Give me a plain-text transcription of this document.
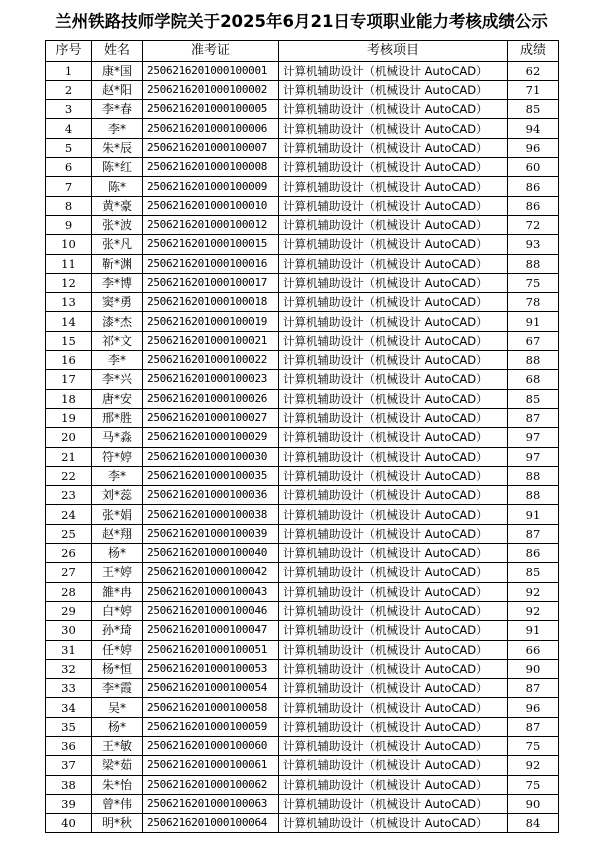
兰州铁路技师学院关于2025年6月21日专项职业能力考核成绩公示
序号	姓名	准考证	考核项目	成绩
1	康*国	2506216201000100001	计算机辅助设计（机械设计 AutoCAD）	62
2	赵*阳	2506216201000100002	计算机辅助设计（机械设计 AutoCAD）	71
3	李*春	2506216201000100005	计算机辅助设计（机械设计 AutoCAD）	85
4	李*	2506216201000100006	计算机辅助设计（机械设计 AutoCAD）	94
5	朱*辰	2506216201000100007	计算机辅助设计（机械设计 AutoCAD）	96
6	陈*红	2506216201000100008	计算机辅助设计（机械设计 AutoCAD）	60
7	陈*	2506216201000100009	计算机辅助设计（机械设计 AutoCAD）	86
8	黄*豪	2506216201000100010	计算机辅助设计（机械设计 AutoCAD）	86
9	张*波	2506216201000100012	计算机辅助设计（机械设计 AutoCAD）	72
10	张*凡	2506216201000100015	计算机辅助设计（机械设计 AutoCAD）	93
11	靳*渊	2506216201000100016	计算机辅助设计（机械设计 AutoCAD）	88
12	李*博	2506216201000100017	计算机辅助设计（机械设计 AutoCAD）	75
13	窦*勇	2506216201000100018	计算机辅助设计（机械设计 AutoCAD）	78
14	漆*杰	2506216201000100019	计算机辅助设计（机械设计 AutoCAD）	91
15	祁*文	2506216201000100021	计算机辅助设计（机械设计 AutoCAD）	67
16	李*	2506216201000100022	计算机辅助设计（机械设计 AutoCAD）	88
17	李*兴	2506216201000100023	计算机辅助设计（机械设计 AutoCAD）	68
18	唐*安	2506216201000100026	计算机辅助设计（机械设计 AutoCAD）	85
19	邢*胜	2506216201000100027	计算机辅助设计（机械设计 AutoCAD）	87
20	马*淼	2506216201000100029	计算机辅助设计（机械设计 AutoCAD）	97
21	符*婷	2506216201000100030	计算机辅助设计（机械设计 AutoCAD）	97
22	李*	2506216201000100035	计算机辅助设计（机械设计 AutoCAD）	88
23	刘*蕊	2506216201000100036	计算机辅助设计（机械设计 AutoCAD）	88
24	张*娟	2506216201000100038	计算机辅助设计（机械设计 AutoCAD）	91
25	赵*翔	2506216201000100039	计算机辅助设计（机械设计 AutoCAD）	87
26	杨*	2506216201000100040	计算机辅助设计（机械设计 AutoCAD）	86
27	王*婷	2506216201000100042	计算机辅助设计（机械设计 AutoCAD）	85
28	雒*冉	2506216201000100043	计算机辅助设计（机械设计 AutoCAD）	92
29	白*婷	2506216201000100046	计算机辅助设计（机械设计 AutoCAD）	92
30	孙*琦	2506216201000100047	计算机辅助设计（机械设计 AutoCAD）	91
31	任*婷	2506216201000100051	计算机辅助设计（机械设计 AutoCAD）	66
32	杨*恒	2506216201000100053	计算机辅助设计（机械设计 AutoCAD）	90
33	李*霞	2506216201000100054	计算机辅助设计（机械设计 AutoCAD）	87
34	吴*	2506216201000100058	计算机辅助设计（机械设计 AutoCAD）	96
35	杨*	2506216201000100059	计算机辅助设计（机械设计 AutoCAD）	87
36	王*敏	2506216201000100060	计算机辅助设计（机械设计 AutoCAD）	75
37	梁*茹	2506216201000100061	计算机辅助设计（机械设计 AutoCAD）	92
38	朱*怡	2506216201000100062	计算机辅助设计（机械设计 AutoCAD）	75
39	曾*伟	2506216201000100063	计算机辅助设计（机械设计 AutoCAD）	90
40	明*秋	2506216201000100064	计算机辅助设计（机械设计 AutoCAD）	84
